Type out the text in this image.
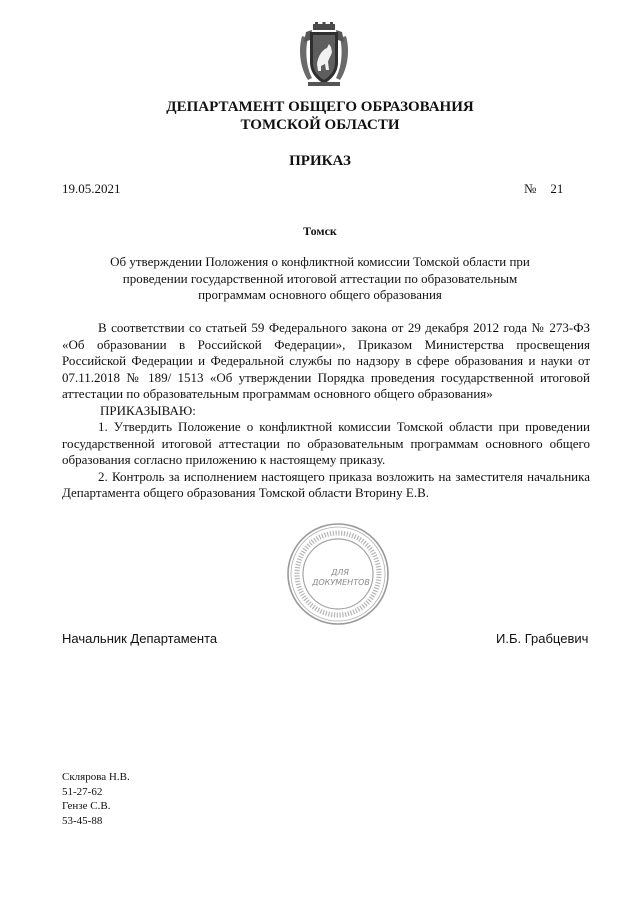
ДЕПАРТАМЕНТ ОБЩЕГО ОБРАЗОВАНИЯ
ТОМСКОЙ ОБЛАСТИ
ПРИКАЗ
19.05.2021	№ 21
Томск
Об утверждении Положения о конфликтной комиссии Томской области при
проведении государственной итоговой аттестации по образовательным
программам основного общего образования

В соответствии со статьей 59 Федерального закона от 29 декабря 2012 года № 273-ФЗ «Об образовании в Российской Федерации», Приказом Министерства просвещения Российской Федерации и Федеральной службы по надзору в сфере образования и науки от 07.11.2018 № 189/ 1513 «Об утверждении Порядка проведения государственной итоговой аттестации по образовательным программам основного общего образования»

ПРИКАЗЫВАЮ:

1. Утвердить Положение о конфликтной комиссии Томской области при проведении государственной итоговой аттестации по образовательным программам основного общего образования согласно приложению к настоящему приказу.

2. Контроль за исполнением настоящего приказа возложить на заместителя начальника Департамента общего образования Томской области Вторину Е.В.

ДЛЯ
ДОКУМЕНТОВ
Начальник Департамента	И.Б. Грабцевич
Склярова Н.В.
51-27-62
Гензе С.В.
53-45-88
